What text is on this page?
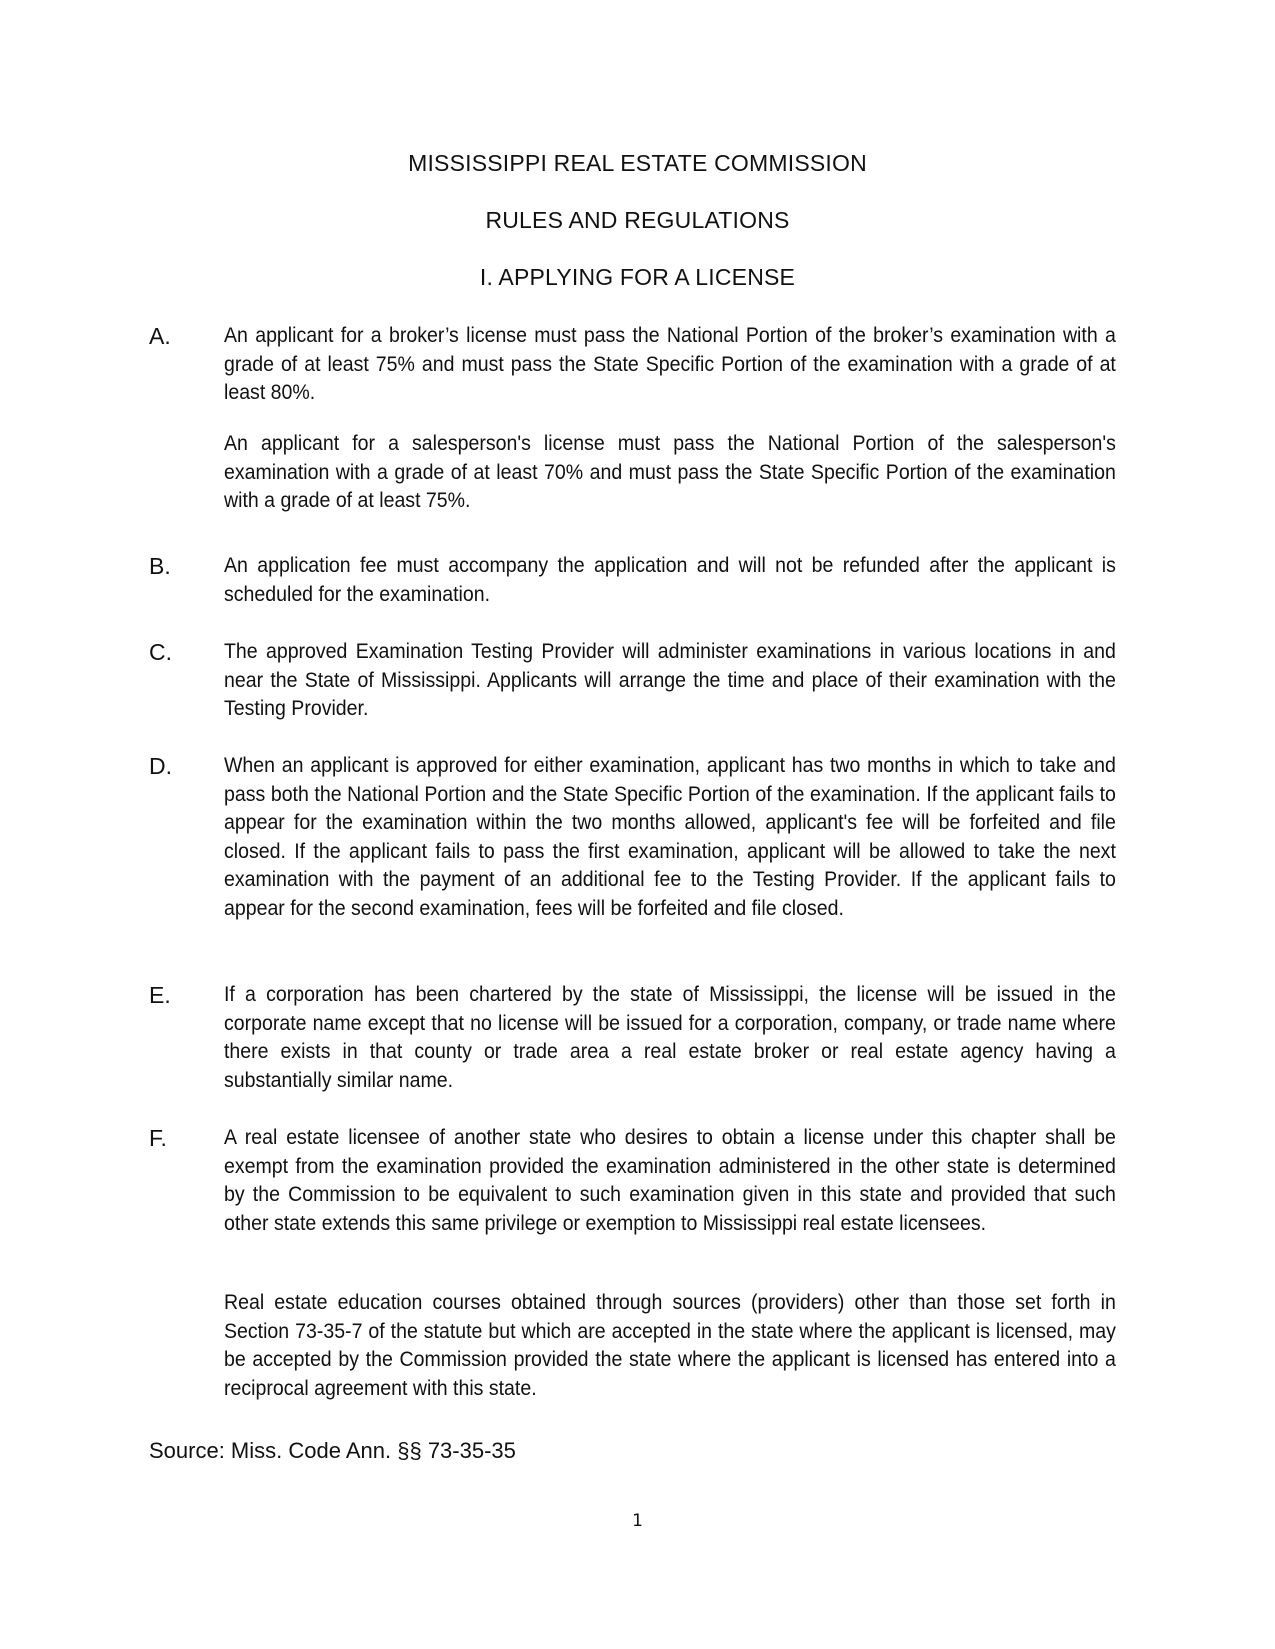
MISSISSIPPI REAL ESTATE COMMISSION
RULES AND REGULATIONS
I. APPLYING FOR A LICENSE
A.	An applicant for a broker’s license must pass the National Portion of the broker’s examination with a grade of at least 75% and must pass the State Specific Portion of the examination with a grade of at least 80%.

An applicant for a salesperson's license must pass the National Portion of the salesperson's examination with a grade of at least 70% and must pass the State Specific Portion of the examination with a grade of at least 75%.

B.	An application fee must accompany the application and will not be refunded after the applicant is scheduled for the examination.

C. The approved Examination Testing Provider will administer examinations in various locations in and near the State of Mississippi. Applicants will arrange the time and place of their examination with the Testing Provider.

D. When an applicant is approved for either examination, applicant has two months in which to take and pass both the National Portion and the State Specific Portion of the examination. If the applicant fails to appear for the examination within the two months allowed, applicant's fee will be forfeited and file closed. If the applicant fails to pass the first examination, applicant will be allowed to take the next examination with the payment of an additional fee to the Testing Provider. If the applicant fails to appear for the second examination, fees will be forfeited and file closed.

E.	If a corporation has been chartered by the state of Mississippi, the license will be issued in the corporate name except that no license will be issued for a corporation, company, or trade name where there exists in that county or trade area a real estate broker or real estate agency having a substantially similar name.

F.	A real estate licensee of another state who desires to obtain a license under this chapter shall be exempt from the examination provided the examination administered in the other state is determined by the Commission to be equivalent to such examination given in this state and provided that such other state extends this same privilege or exemption to Mississippi real estate licensees.

Real estate education courses obtained through sources (providers) other than those set forth in Section 73-35-7 of the statute but which are accepted in the state where the applicant is licensed, may be accepted by the Commission provided the state where the applicant is licensed has entered into a reciprocal agreement with this state.

Source: Miss. Code Ann. §§ 73-35-35

1
